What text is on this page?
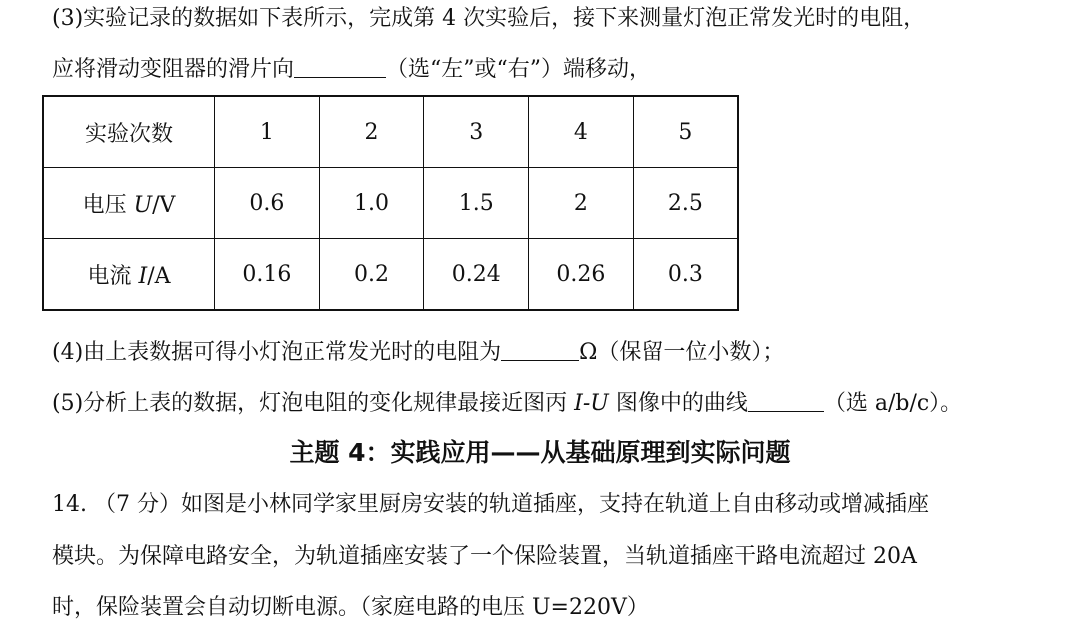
(3)实验记录的数据如下表所示，完成第 4 次实验后，接下来测量灯泡正常发光时的电阻，
应将滑动变阻器的滑片向	（选“左”或“右”）端移动，
实验次数	1	2	3	4	5
电压 U/V	0.6	1.0	1.5	2	2.5
电流 I/A	0.16	0.2	0.24	0.26	0.3
(4)由上表数据可得小灯泡正常发光时的电阻为	Ω（保留一位小数）；
(5)分析上表的数据，灯泡电阻的变化规律最接近图丙 I-U 图像中的曲线	（选 a/b/c）。
主题 4：实践应用——从基础原理到实际问题
14. （7 分）如图是小林同学家里厨房安装的轨道插座，支持在轨道上自由移动或增减插座
模块。为保障电路安全，为轨道插座安装了一个保险装置，当轨道插座干路电流超过 20A
时，保险装置会自动切断电源。（家庭电路的电压 U=220V）
